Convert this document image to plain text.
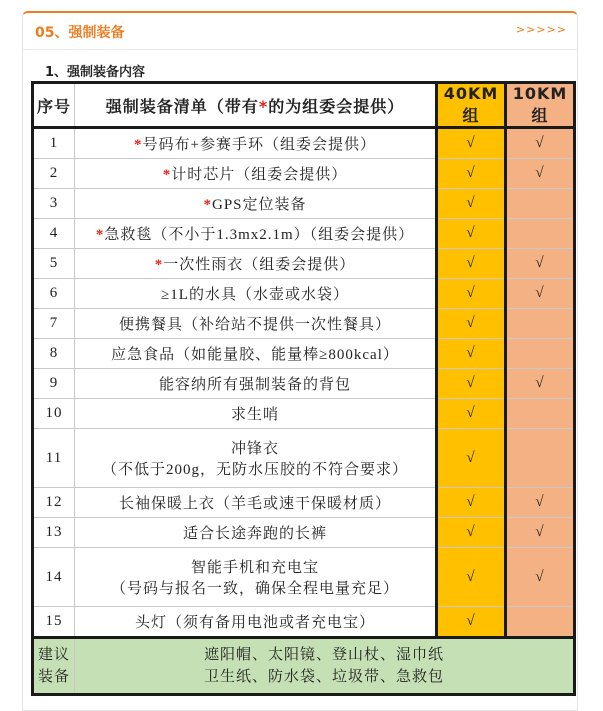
05、强制装备	>>>>>
1、强制装备内容
序号	强制装备清单（带有*的为组委会提供）	40KM组	10KM组
1	*号码布+参赛手环（组委会提供）	√	√
2	*计时芯片（组委会提供）	√	√
3	*GPS定位装备	√	
4	*急救毯（不小于1.3mx2.1m）（组委会提供）	√	
5	*一次性雨衣（组委会提供）	√	√
6	≥1L的水具（水壶或水袋）	√	√
7	便携餐具（补给站不提供一次性餐具）	√	
8	应急食品（如能量胶、能量棒≥800kcal）	√	
9	能容纳所有强制装备的背包	√	√
10	求生哨	√	
11	冲锋衣
（不低于200g，无防水压胶的不符合要求）	√	
12	长袖保暖上衣（羊毛或速干保暖材质）	√	√
13	适合长途奔跑的长裤	√	√
14	智能手机和充电宝
（号码与报名一致，确保全程电量充足）	√	√
15	头灯（须有备用电池或者充电宝）	√	

建议
装备	遮阳帽、太阳镜、登山杖、湿巾纸
卫生纸、防水袋、垃圾带、急救包		
